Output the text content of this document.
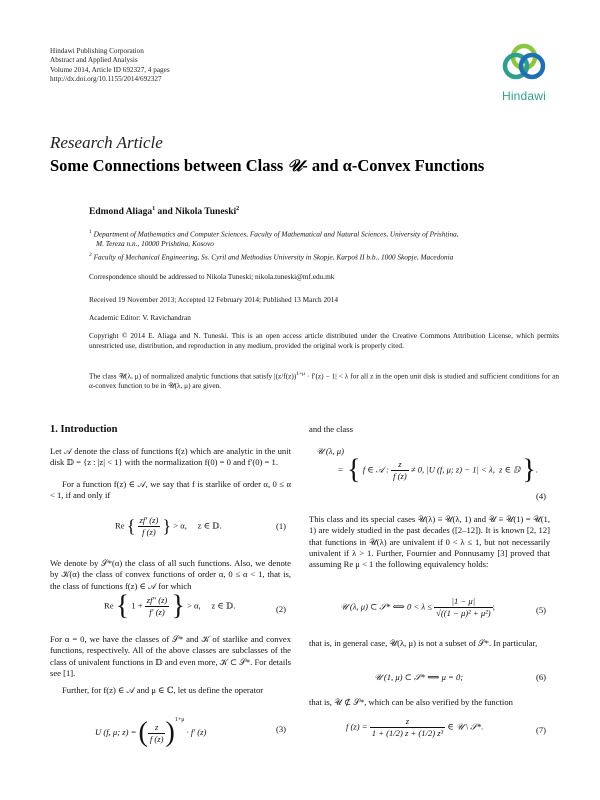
Hindawi Publishing Corporation
Abstract and Applied Analysis
Volume 2014, Article ID 692327, 4 pages
http://dx.doi.org/10.1155/2014/692327
Hindawi
Research Article
Some Connections between Class 𝒰- and α-Convex Functions
Edmond Aliaga$^1$ and Nikola Tuneski$^2$
$^1$ Department of Mathematics and Computer Sciences, Faculty of Mathematical and Natural Sciences, University of Prishtina,
M. Tereza n.n., 10000 Prishtina, Kosovo
$^2$ Faculty of Mechanical Engineering, Ss. Cyril and Methodius University in Skopje, Karpoš II b.b., 1000 Skopje, Macedonia
Correspondence should be addressed to Nikola Tuneski; nikola.tuneski@mf.edu.mk
Received 19 November 2013; Accepted 12 February 2014; Published 13 March 2014
Academic Editor: V. Ravichandran
Copyright © 2014 E. Aliaga and N. Tuneski. This is an open access article distributed under the Creative Commons Attribution License, which permits unrestricted use, distribution, and reproduction in any medium, provided the original work is properly cited.
The class 𝒰(λ, μ) of normalized analytic functions that satisfy $|(z/f(z))^{1+\mu} \cdot f'(z) - 1| < \lambda$ for all z in the open unit disk is studied and sufficient conditions for an α-convex function to be in 𝒰(λ, μ) are given.
1. Introduction
Let 𝒜 denote the class of functions f(z) which are analytic in the unit disk 𝔻 = {z : |z| < 1} with the normalization f(0) = 0 and f′(0) = 1.
For a function f(z) ∈ 𝒜, we say that f is starlike of order α, 0 ≤ α < 1, if and only if
Re { $\frac{zf' (z)}{f (z)}$ } > α,     z ∈ 𝔻.	(1)
We denote by 𝒮*(α) the class of all such functions. Also, we denote by 𝒦(α) the class of convex functions of order α, 0 ≤ α < 1, that is, the class of functions f(z) ∈ 𝒜 for which
Re { $1 + \frac{zf'' (z)}{f' (z)}$ } > α,     z ∈ 𝔻.	(2)
For α = 0, we have the classes of 𝒮* and 𝒦 of starlike and convex functions, respectively. All of the above classes are subclasses of the class of univalent functions in 𝔻 and even more, 𝒦 ⊂ 𝒮*. For details see [1].
Further, for f(z) ∈ 𝒜 and μ ∈ ℂ, let us define the operator
U (f, μ; z) = ( $\frac{z}{f (z)} )^{1+\mu} \cdot f'$ (z)	(3)
and the class
𝒰 (λ, μ)
=  { f ∈ 𝒜 : $\frac{z}{f (z)} \ne 0$, |U (f, μ; z) − 1| < λ,  z ∈ 𝔻 }.
(4)
This class and its special cases 𝒰(λ) ≡ 𝒰(λ, 1) and 𝒰 ≡ 𝒰(1) = 𝒰(1, 1) are widely studied in the past decades ([2–12]). It is known [2, 12] that functions in 𝒰(λ) are univalent if 0 < λ ≤ 1, but not necessarily univalent if λ > 1. Further, Fournier and Ponnusamy [3] proved that assuming Re μ < 1 the following equivalency holds:
𝒰 (λ, μ) ⊂ 𝒮* ⟺ $0 < \lambda \le \frac{|1 - \mu|}{\text{√((1 − μ)² + μ²)}}$ ;	(5)
that is, in general case, 𝒰(λ, μ) is not a subset of 𝒮*. In particular,
𝒰 (1, μ) ⊂ 𝒮* ⟺ μ = 0;	(6)
that is, 𝒰 ⊄ 𝒮*, which can be also verified by the function
f $(z) = \frac{z}{\text{1 + (1/2) z + (1/2) z³}}$ ∈ 𝒰 \ 𝒮*.	(7)
